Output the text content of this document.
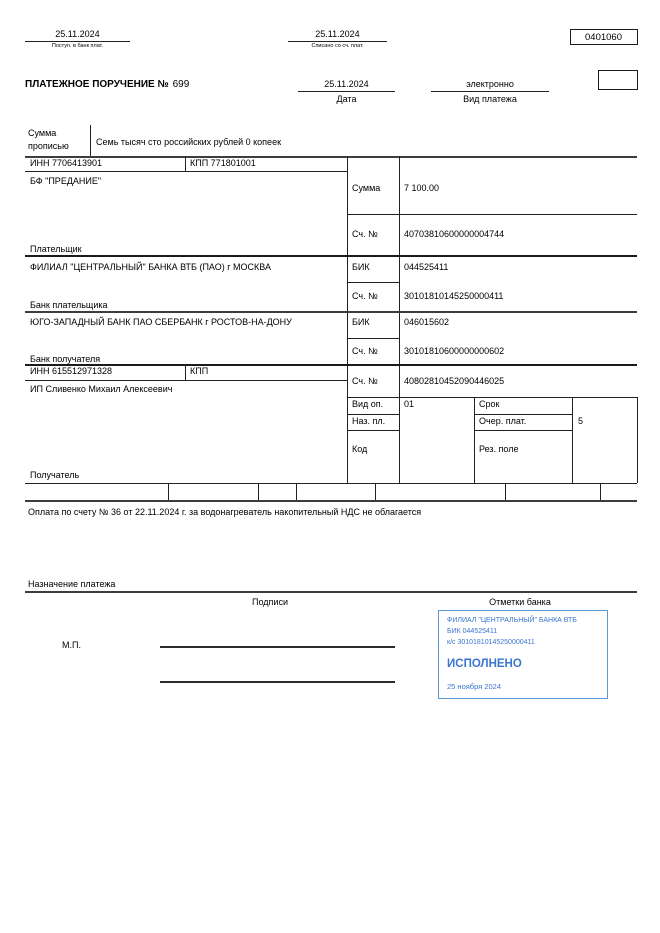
25.11.2024
Поступ. в банк плат.
25.11.2024
Списано со сч. плат.
0401060
ПЛАТЕЖНОЕ ПОРУЧЕНИЕ № 699	25.11.2024
Дата
электронно
Вид платежа
Сумма прописью	Семь тысяч сто российских рублей 0 копеек
ИНН 7706413901	КПП 771801001
БФ "ПРЕДАНИЕ"
Плательщик
Сумма	7 100.00
Сч. №	40703810600000004744
ФИЛИАЛ "ЦЕНТРАЛЬНЫЙ" БАНКА ВТБ (ПАО) г МОСКВА	БИК	044525411
Сч. №	30101810145250000411
Банк плательщика
ЮГО-ЗАПАДНЫЙ БАНК ПАО СБЕРБАНК г РОСТОВ-НА-ДОНУ	БИК	046015602
Сч. №	30101810600000000602
Банк получателя
ИНН 615512971328	КПП
ИП Сливенко Михаил Алексеевич
Сч. №	40802810452090446025
Вид оп. 01	Срок
Наз. пл.	Очер. плат.	5
Код	Рез. поле
Получатель
Оплата по счету № 36 от 22.11.2024 г. за водонагреватель накопительный НДС не облагается
Назначение платежа
Подписи	Отметки банка
М.П.
ФИЛИАЛ "ЦЕНТРАЛЬНЫЙ" БАНКА ВТБ
БИК 044525411
к/с 30101810145250000411
ИСПОЛНЕНО
25 ноября 2024
